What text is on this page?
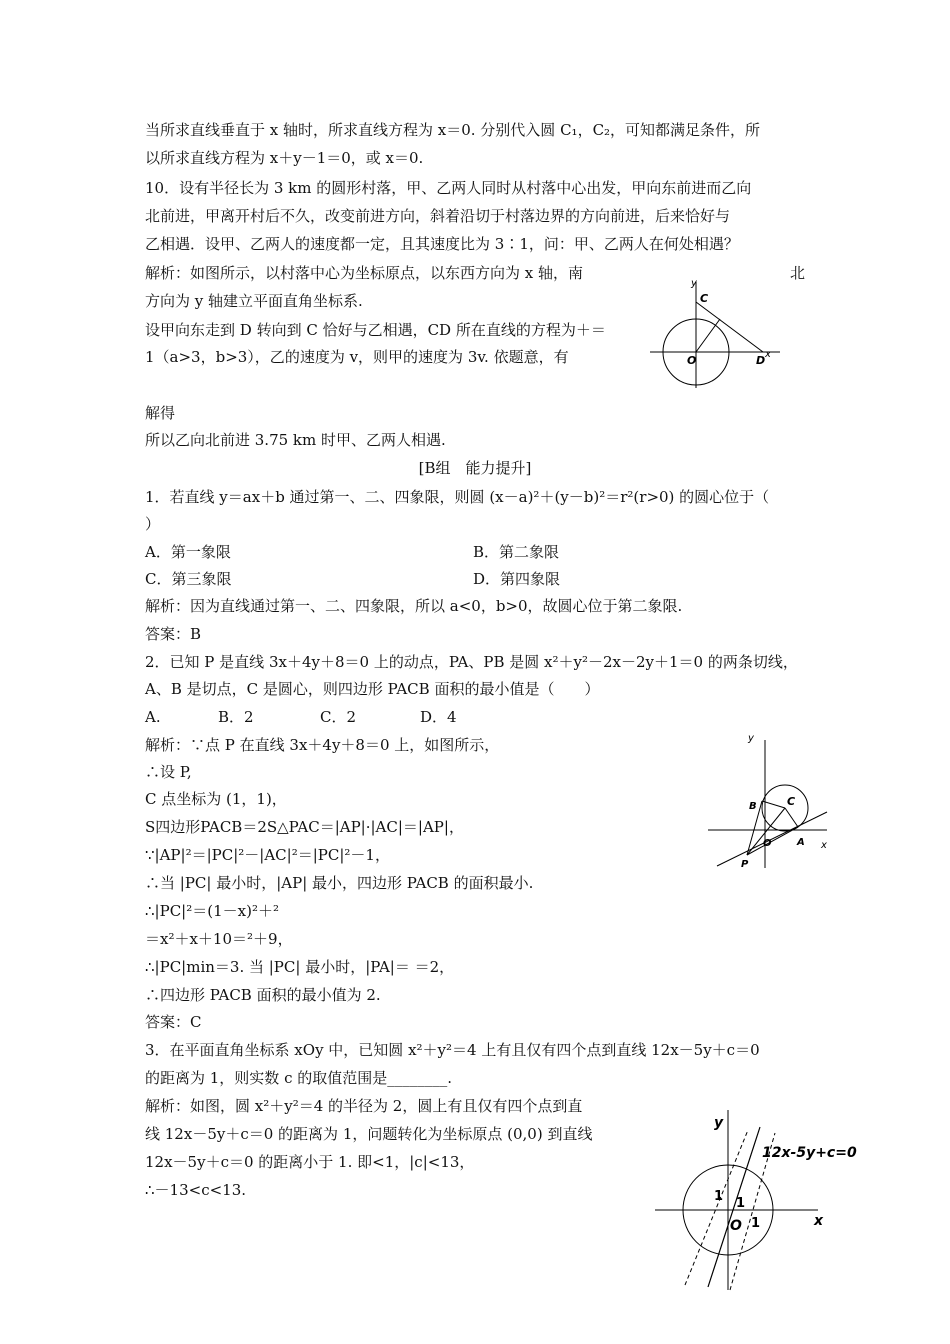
当所求直线垂直于 x 轴时，所求直线方程为 x＝0. 分别代入圆 C₁，C₂，可知都满足条件，所
以所求直线方程为 x＋y－1＝0，或 x＝0.
10．设有半径长为 3 km 的圆形村落，甲、乙两人同时从村落中心出发，甲向东前进而乙向
北前进，甲离开村后不久，改变前进方向，斜着沿切于村落边界的方向前进，后来恰好与
乙相遇．设甲、乙两人的速度都一定，且其速度比为 3∶1，问：甲、乙两人在何处相遇？
解析：如图所示，以村落中心为坐标原点，以东西方向为 x 轴，南	北
方向为 y 轴建立平面直角坐标系.
设甲向东走到 D 转向到 C 恰好与乙相遇，CD 所在直线的方程为＋＝
1（a>3，b>3），乙的速度为 v，则甲的速度为 3v. 依题意，有
解得
所以乙向北前进 3.75 km 时甲、乙两人相遇.
[B组　能力提升]
1．若直线 y＝ax＋b 通过第一、二、四象限，则圆 (x－a)²＋(y－b)²＝r²(r>0) 的圆心位于（
）
A．第一象限	B．第二象限
C．第三象限	D．第四象限
解析：因为直线通过第一、二、四象限，所以 a<0，b>0，故圆心位于第二象限.
答案：B
2．已知 P 是直线 3x＋4y＋8＝0 上的动点，PA、PB 是圆 x²＋y²－2x－2y＋1＝0 的两条切线，
A、B 是切点，C 是圆心，则四边形 PACB 面积的最小值是（　　）
A.	B．2	C．2	D．4
解析：∵点 P 在直线 3x＋4y＋8＝0 上，如图所示，
∴设 P,
C 点坐标为 (1，1)，
S四边形PACB＝2S△PAC＝|AP|·|AC|＝|AP|，
∵|AP|²＝|PC|²－|AC|²＝|PC|²－1，
∴当 |PC| 最小时，|AP| 最小，四边形 PACB 的面积最小.
∴|PC|²＝(1－x)²＋²
＝x²＋x＋10＝²＋9，
∴|PC|min＝3. 当 |PC| 最小时，|PA|＝ ＝2，
∴四边形 PACB 面积的最小值为 2.
答案：C
3．在平面直角坐标系 xOy 中，已知圆 x²＋y²＝4 上有且仅有四个点到直线 12x－5y＋c＝0
的距离为 1，则实数 c 的取值范围是________.
解析：如图，圆 x²＋y²＝4 的半径为 2，圆上有且仅有四个点到直
线 12x－5y＋c＝0 的距离为 1，问题转化为坐标原点 (0,0) 到直线
12x－5y＋c＝0 的距离小于 1. 即<1，|c|<13，
∴－13<c<13.
y
C
O	D x
y
B	C
O	A x
P
y
12x-5y+c=0
1 1
1
O	x
